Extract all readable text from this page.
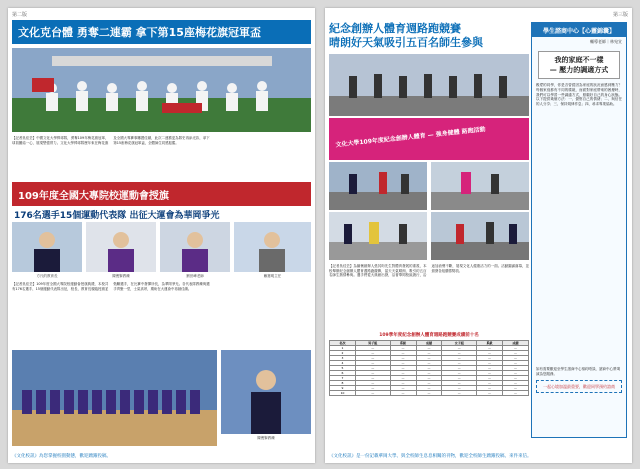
第二版
文化克台體 勇奪二連霸 拿下第15座梅花旗冠軍盃
【記者吳佳芸】中國文化大學棒球隊，勇奪109年梅花旗冠軍，球員團結一心，展現堅強實力。文化大學棒球隊歷年來在梅花旗及全國大專賽事屢獲佳績，此次二連霸更為隊史再添光彩，拿下第15座梅花旗冠軍盃，全體師生同感振奮。
109年度全國大專院校運動會授旗
176名選手15個運動代表隊 出征大運會為華岡爭光
方氏的教育長	陳俊賢教練	劉世峰老師	賴憲明主任
【記者吳佳芸】109年度全國大專院校運動會授旗典禮，本校共有176名選手、15個運動代表隊出征，校長、教育長親臨授旗並勉勵選手，在比賽中發揮所長，為華岡爭光。各代表隊教練與選手齊聚一堂，士氣高昂，期盼在大運會中再創佳績。
陳俊賢教練
《文化校訊》為您掌握校園動態，歡迎踴躍投稿。
第三版
紀念創辦人體育週路跑競賽
晴朗好天氣吸引五百名師生參與
文化大學109年度紀念創辦人體育 — 強身健體 路跑活動
【記者吳佳芸】為緬懷創辦人張其昀先生對體育發展的重視，本校舉辦紀念創辦人體育週路跑競賽，當天天氣晴朗，吸引約五百名師生熱情參與。選手們從大典館出發，沿著華岡校區繞行，沿途加油聲不斷，展現文化人健康活力的一面。活動圓滿落幕，並頒發各組優勝獎項。
109學年度紀念創辦人體育週路跑競賽成績前十名
名次	男子組	系級	成績	女子組	系級	成績
1	—	—	—	—	—	—
2	—	—	—	—	—	—
3	—	—	—	—	—	—
4	—	—	—	—	—	—
5	—	—	—	—	—	—
6	—	—	—	—	—	—
7	—	—	—	—	—	—
8	—	—	—	—	—	—
9	—	—	—	—	—	—
10	—	—	—	—	—	—
學生諮商中心【心靈錦囊】
輔導老師｜林宛宣
我的家庭不一樣
— 壓力的調適方式
親愛的同學，你是否曾經因為家庭的狀況而感到壓力？每個家庭都有不同的樣貌，而面對家庭帶來的困擾時，我們可以學習一些調適方式，照顧好自己的身心狀態。以下提供幾個方法：一、覺察自己的情緒；二、與信任的人分享；三、保持規律作息；四、尋求專業協助。
如有需要歡迎至學生諮商中心預約晤談，諮商中心將竭誠為您服務。
一起心境加溫最重要，歡迎同學預約諮商
《文化校訊》是一份記載華岡大學、與全校師生息息相關的刊物，歡迎全校師生踴躍投稿、來件來信。
